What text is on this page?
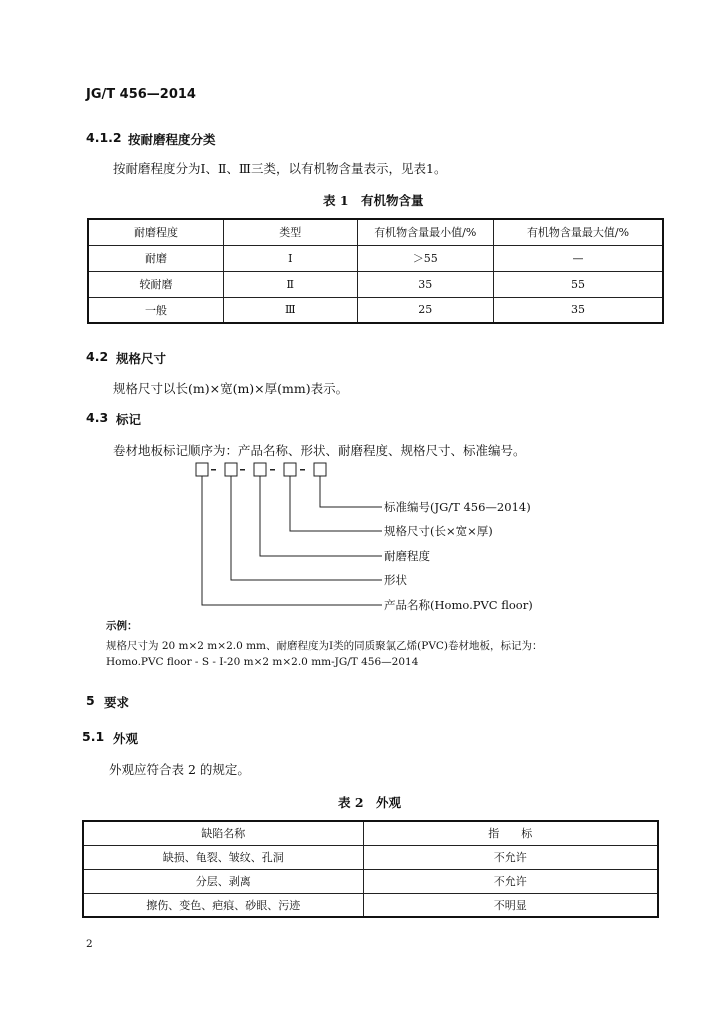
JG/T 456—2014
4.1.2 按耐磨程度分类
按耐磨程度分为Ⅰ、Ⅱ、Ⅲ三类，以有机物含量表示，见表1。
表 1　有机物含量
耐磨程度	类型	有机物含量最小值/%	有机物含量最大值/%
耐磨	Ⅰ	＞55	—
较耐磨	Ⅱ	35	55
一般	Ⅲ	25	35
4.2 规格尺寸
规格尺寸以长(m)×宽(m)×厚(mm)表示。
4.3 标记
卷材地板标记顺序为：产品名称、形状、耐磨程度、规格尺寸、标准编号。
标准编号(JG/T 456—2014)
规格尺寸(长×宽×厚)
耐磨程度
形状
产品名称(Homo.PVC floor)
示例：
规格尺寸为 20 m×2 m×2.0 mm、耐磨程度为Ⅰ类的同质聚氯乙烯(PVC)卷材地板，标记为：
Homo.PVC floor - S - Ⅰ-20 m×2 m×2.0 mm-JG/T 456—2014
5 要求
5.1 外观
外观应符合表 2 的规定。
表 2　外观
缺陷名称	指　　标
缺损、龟裂、皱纹、孔洞	不允许
分层、剥离	不允许
擦伤、变色、疤痕、砂眼、污迹	不明显
2
